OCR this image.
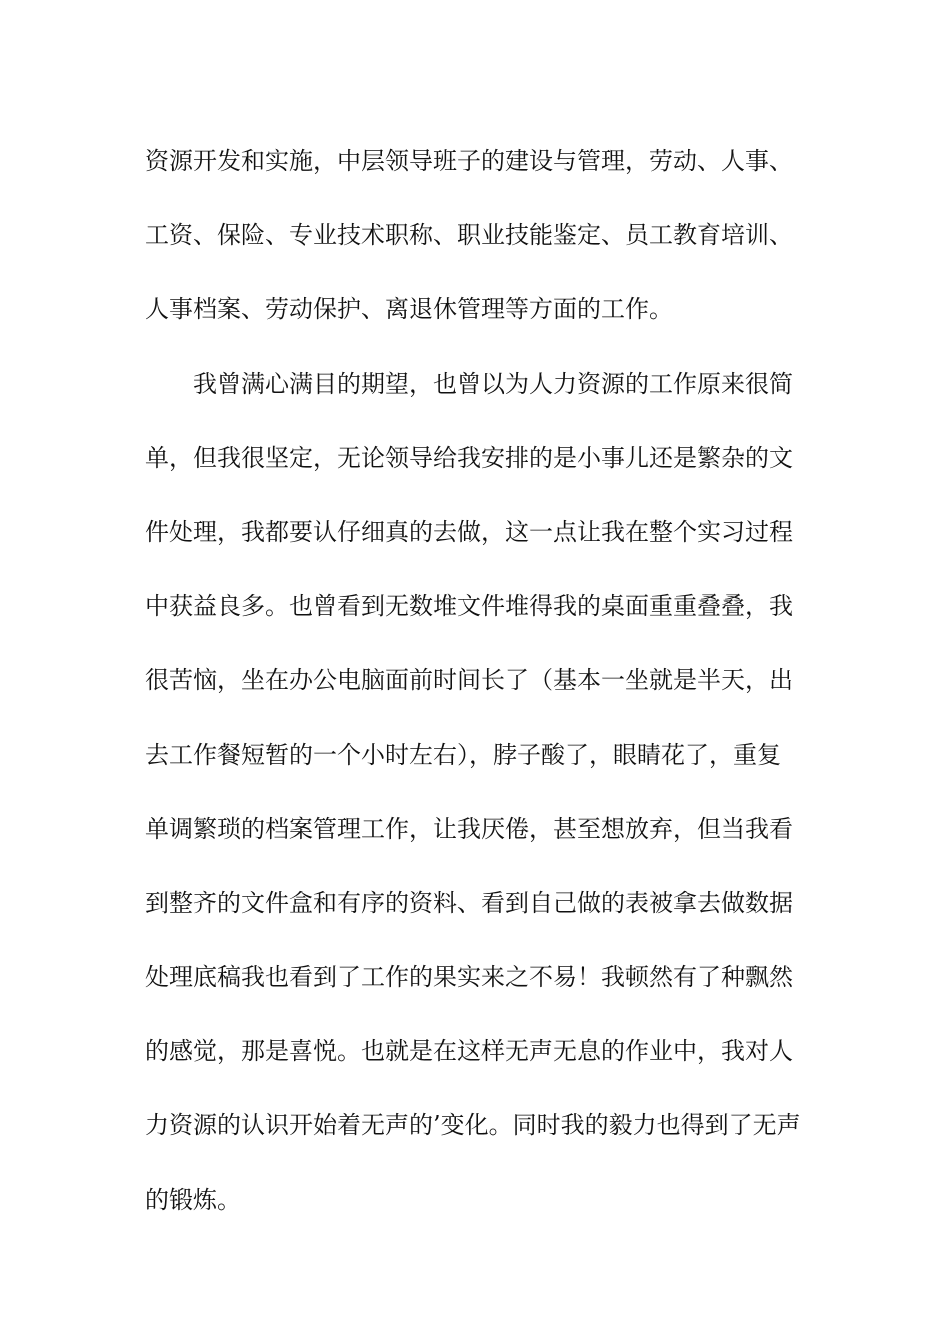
资源开发和实施，中层领导班子的建设与管理，劳动、人事、
工资、保险、专业技术职称、职业技能鉴定、员工教育培训、
人事档案、劳动保护、离退休管理等方面的工作。
我曾满心满目的期望，也曾以为人力资源的工作原来很简
单，但我很坚定，无论领导给我安排的是小事儿还是繁杂的文
件处理，我都要认仔细真的去做，这一点让我在整个实习过程
中获益良多。也曾看到无数堆文件堆得我的桌面重重叠叠，我
很苦恼，坐在办公电脑面前时间长了（基本一坐就是半天，出
去工作餐短暂的一个小时左右），脖子酸了，眼睛花了，重复
单调繁琐的档案管理工作，让我厌倦，甚至想放弃，但当我看
到整齐的文件盒和有序的资料、看到自己做的表被拿去做数据
处理底稿我也看到了工作的果实来之不易！我顿然有了种飘然
的感觉，那是喜悦。也就是在这样无声无息的作业中，我对人
力资源的认识开始着无声的’变化。同时我的毅力也得到了无声
的锻炼。
